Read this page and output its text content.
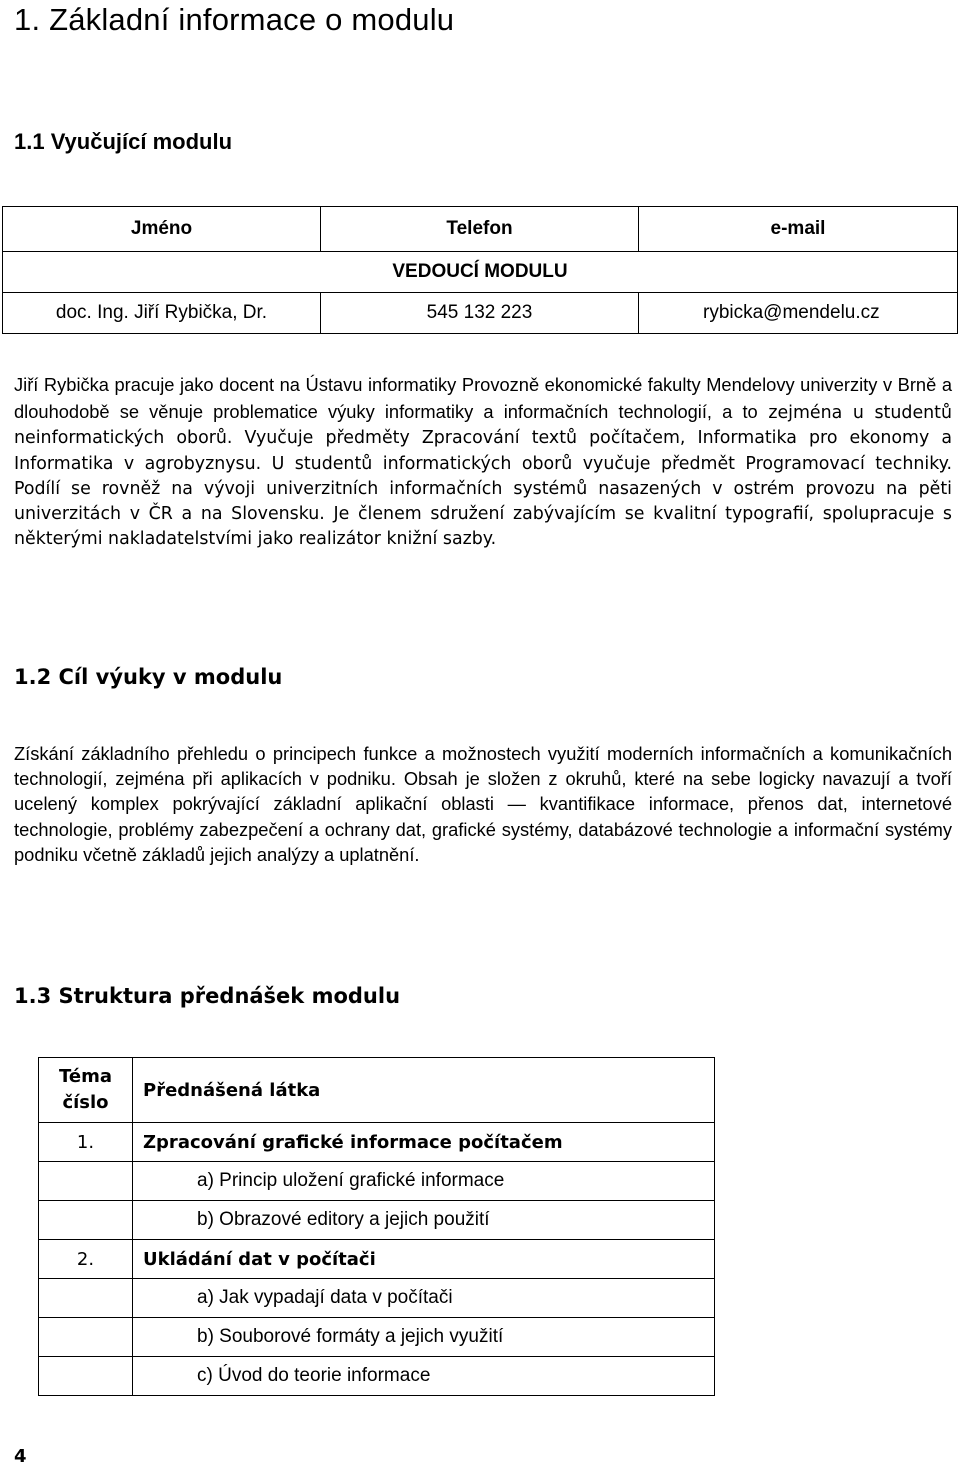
1. Základní informace o modulu
1.1 Vyučující modulu
Jméno	Telefon	e-mail
VEDOUCÍ MODULU		
doc. Ing. Jiří Rybička, Dr.	545 132 223	rybicka@mendelu.cz

Jiří Rybička pracuje jako docent na Ústavu informatiky Provozně ekonomické fakulty Mendelovy univerzity v Brně a dlouhodobě se věnuje problematice výuky informatiky a informačních technologií, a to zejména u studentů neinformatických oborů. Vyučuje předměty Zpracování textů počítačem, Informatika pro ekonomy a Informatika v agrobyznysu. U studentů informatických oborů vyučuje předmět Programovací techniky. Podílí se rovněž na vývoji univerzitních informačních systémů nasazených v ostrém provozu na pěti univerzitách v ČR a na Slovensku. Je členem sdružení zabývajícím se kvalitní typografií, spolupracuje s některými nakladatelstvími jako realizátor knižní sazby.

1.2 Cíl výuky v modulu

Získání základního přehledu o principech funkce a možnostech využití moderních informačních a komunikačních technologií, zejména při aplikacích v podniku. Obsah je složen z okruhů, které na sebe logicky navazují a tvoří ucelený komplex pokrývající základní aplikační oblasti — kvantifikace informace, přenos dat, internetové technologie, problémy zabezpečení a ochrany dat, grafické systémy, databázové technologie a informační systémy podniku včetně základů jejich analýzy a uplatnění.

1.3 Struktura přednášek modulu
Téma číslo	Přednášená látka
1.	Zpracování grafické informace počítačem
	a) Princip uložení grafické informace
	b) Obrazové editory a jejich použití
2.	Ukládání dat v počítači
	a) Jak vypadají data v počítači
	b) Souborové formáty a jejich využití
	c) Úvod do teorie informace
4
